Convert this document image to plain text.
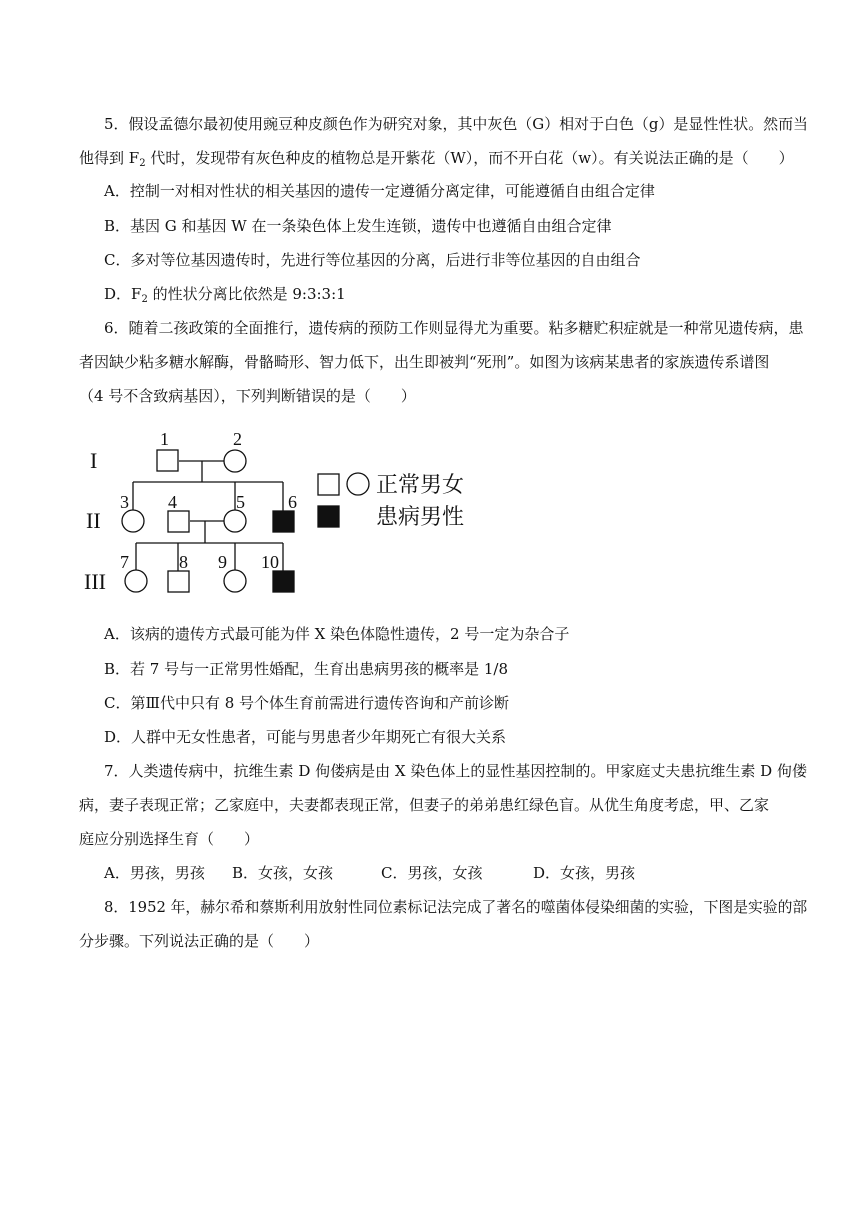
5．假设孟德尔最初使用豌豆种皮颜色作为研究对象，其中灰色（G）相对于白色（g）是显性性状。然而当
他得到 $F_2$ 代时，发现带有灰色种皮的植物总是开紫花（W），而不开白花（w）。有关说法正确的是（　　）
A．控制一对相对性状的相关基因的遗传一定遵循分离定律，可能遵循自由组合定律
B．基因 G 和基因 W 在一条染色体上发生连锁，遗传中也遵循自由组合定律
C．多对等位基因遗传时，先进行等位基因的分离，后进行非等位基因的自由组合
D．$F_2$ 的性状分离比依然是 9:3:3:1
6．随着二孩政策的全面推行，遗传病的预防工作则显得尤为重要。粘多糖贮积症就是一种常见遗传病，患
者因缺少粘多糖水解酶，骨骼畸形、智力低下，出生即被判“死刑”。如图为该病某患者的家族遗传系谱图
（4 号不含致病基因），下列判断错误的是（　　）
I
II
III
1	2
3 4	5 6
7	8 9 10
正常男女
患病男性
A．该病的遗传方式最可能为伴 X 染色体隐性遗传，2 号一定为杂合子
B．若 7 号与一正常男性婚配，生育出患病男孩的概率是 1/8
C．第Ⅲ代中只有 8 号个体生育前需进行遗传咨询和产前诊断
D．人群中无女性患者，可能与男患者少年期死亡有很大关系
7．人类遗传病中，抗维生素 D 佝偻病是由 X 染色体上的显性基因控制的。甲家庭丈夫患抗维生素 D 佝偻
病，妻子表现正常；乙家庭中，夫妻都表现正常，但妻子的弟弟患红绿色盲。从优生角度考虑，甲、乙家
庭应分别选择生育（　　）
A．男孩，男孩 B．女孩，女孩	C．男孩，女孩	D．女孩，男孩
8．1952 年，赫尔希和蔡斯利用放射性同位素标记法完成了著名的噬菌体侵染细菌的实验，下图是实验的部
分步骤。下列说法正确的是（　　）
